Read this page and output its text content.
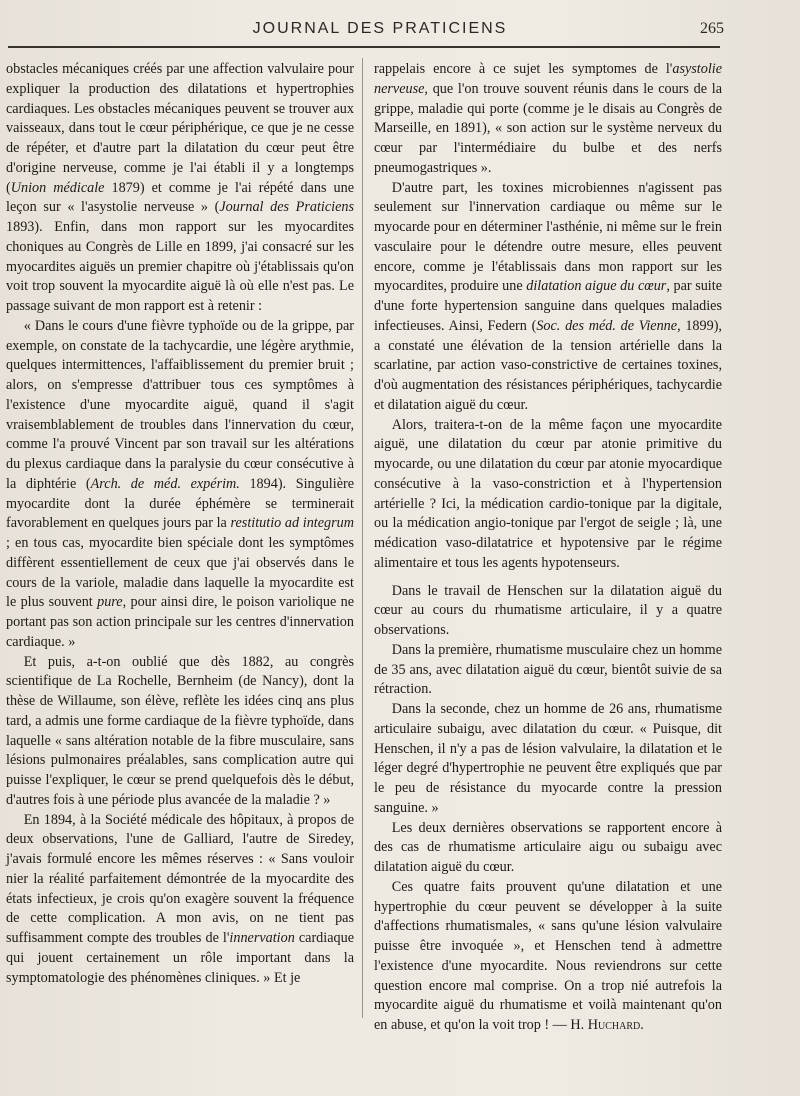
JOURNAL DES PRATICIENS	265

obstacles mécaniques créés par une affection valvulaire pour expliquer la production des dilatations et hypertrophies cardiaques. Les obstacles mécaniques peuvent se trouver aux vaisseaux, dans tout le cœur périphérique, ce que je ne cesse de répéter, et d'autre part la dilatation du cœur peut être d'origine nerveuse, comme je l'ai établi il y a longtemps (Union médicale 1879) et comme je l'ai répété dans une leçon sur « l'asystolie nerveuse » (Journal des Praticiens 1893). Enfin, dans mon rapport sur les myocardites choniques au Congrès de Lille en 1899, j'ai consacré sur les myocardites aiguës un premier chapitre où j'établissais qu'on voit trop souvent la myocardite aiguë là où elle n'est pas. Le passage suivant de mon rapport est à retenir :

« Dans le cours d'une fièvre typhoïde ou de la grippe, par exemple, on constate de la tachycardie, une légère arythmie, quelques intermittences, l'affaiblissement du premier bruit ; alors, on s'empresse d'attribuer tous ces symptômes à l'existence d'une myocardite aiguë, quand il s'agit vraisemblablement de troubles dans l'innervation du cœur, comme l'a prouvé Vincent par son travail sur les altérations du plexus cardiaque dans la paralysie du cœur consécutive à la diphtérie (Arch. de méd. expérim. 1894). Singulière myocardite dont la durée éphémère se terminerait favorablement en quelques jours par la restitutio ad integrum ; en tous cas, myocardite bien spéciale dont les symptômes diffèrent essentiellement de ceux que j'ai observés dans le cours de la variole, maladie dans laquelle la myocardite est le plus souvent pure, pour ainsi dire, le poison variolique ne portant pas son action principale sur les centres d'innervation cardiaque. »

Et puis, a-t-on oublié que dès 1882, au congrès scientifique de La Rochelle, Bernheim (de Nancy), dont la thèse de Willaume, son élève, reflète les idées cinq ans plus tard, a admis une forme cardiaque de la fièvre typhoïde, dans laquelle « sans altération notable de la fibre musculaire, sans lésions pulmonaires préalables, sans complication autre qui puisse l'expliquer, le cœur se prend quelquefois dès le début, d'autres fois à une période plus avancée de la maladie ? »

En 1894, à la Société médicale des hôpitaux, à propos de deux observations, l'une de Galliard, l'autre de Siredey, j'avais formulé encore les mêmes réserves : « Sans vouloir nier la réalité parfaitement démontrée de la myocardite des états infectieux, je crois qu'on exagère souvent la fréquence de cette complication. A mon avis, on ne tient pas suffisamment compte des troubles de l'innervation cardiaque qui jouent certainement un rôle important dans la symptomatologie des phénomènes cliniques. » Et je

rappelais encore à ce sujet les symptomes de l'asystolie nerveuse, que l'on trouve souvent réunis dans le cours de la grippe, maladie qui porte (comme je le disais au Congrès de Marseille, en 1891), « son action sur le système nerveux du cœur par l'intermédiaire du bulbe et des nerfs pneumogastriques ».

D'autre part, les toxines microbiennes n'agissent pas seulement sur l'innervation cardiaque ou même sur le myocarde pour en déterminer l'asthénie, ni même sur le frein vasculaire pour le détendre outre mesure, elles peuvent encore, comme je l'établissais dans mon rapport sur les myocardites, produire une dilatation aigue du cœur, par suite d'une forte hypertension sanguine dans quelques maladies infectieuses. Ainsi, Federn (Soc. des méd. de Vienne, 1899), a constaté une élévation de la tension artérielle dans la scarlatine, par action vaso-constrictive de certaines toxines, d'où augmentation des résistances périphériques, tachycardie et dilatation aiguë du cœur.

Alors, traitera-t-on de la même façon une myocardite aiguë, une dilatation du cœur par atonie primitive du myocarde, ou une dilatation du cœur par atonie myocardique consécutive à la vaso-constriction et à l'hypertension artérielle ? Ici, la médication cardio-tonique par la digitale, ou la médication angio-tonique par l'ergot de seigle ; là, une médication vaso-dilatatrice et hypotensive par le régime alimentaire et tous les agents hypotenseurs.

Dans le travail de Henschen sur la dilatation aiguë du cœur au cours du rhumatisme articulaire, il y a quatre observations.

Dans la première, rhumatisme musculaire chez un homme de 35 ans, avec dilatation aiguë du cœur, bientôt suivie de sa rétraction.

Dans la seconde, chez un homme de 26 ans, rhumatisme articulaire subaigu, avec dilatation du cœur. « Puisque, dit Henschen, il n'y a pas de lésion valvulaire, la dilatation et le léger degré d'hypertrophie ne peuvent être expliqués que par le peu de résistance du myocarde contre la pression sanguine. »

Les deux dernières observations se rapportent encore à des cas de rhumatisme articulaire aigu ou subaigu avec dilatation aiguë du cœur.

Ces quatre faits prouvent qu'une dilatation et une hypertrophie du cœur peuvent se développer à la suite d'affections rhumatismales, « sans qu'une lésion valvulaire puisse être invoquée », et Henschen tend à admettre l'existence d'une myocardite. Nous reviendrons sur cette question encore mal comprise. On a trop nié autrefois la myocardite aiguë du rhumatisme et voilà maintenant qu'on en abuse, et qu'on la voit trop ! — H. Huchard.
